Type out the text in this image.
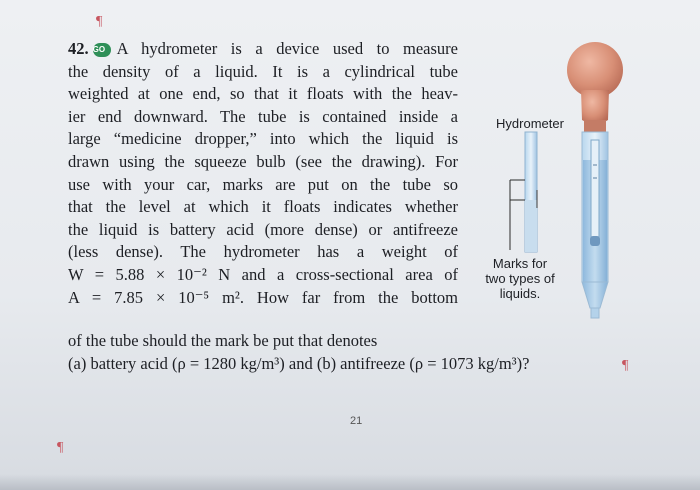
¶
¶
¶
42. GO A hydrometer is a device used to measure
the density of a liquid. It is a cylindrical tube
weighted at one end, so that it floats with the heav-
ier end downward. The tube is contained inside a
large “medicine dropper,” into which the liquid is
drawn using the squeeze bulb (see the drawing). For
use with your car, marks are put on the tube so
that the level at which it floats indicates whether
the liquid is battery acid (more dense) or antifreeze
(less dense). The hydrometer has a weight of
W = 5.88 × 10⁻² N and a cross-sectional area of
A = 7.85 × 10⁻⁵ m². How far from the bottom
of the tube should the mark be put that denotes
(a) battery acid (ρ = 1280 kg/m³) and (b) antifreeze (ρ = 1073 kg/m³)?
Hydrometer
Marks for
two types of
liquids.
21
